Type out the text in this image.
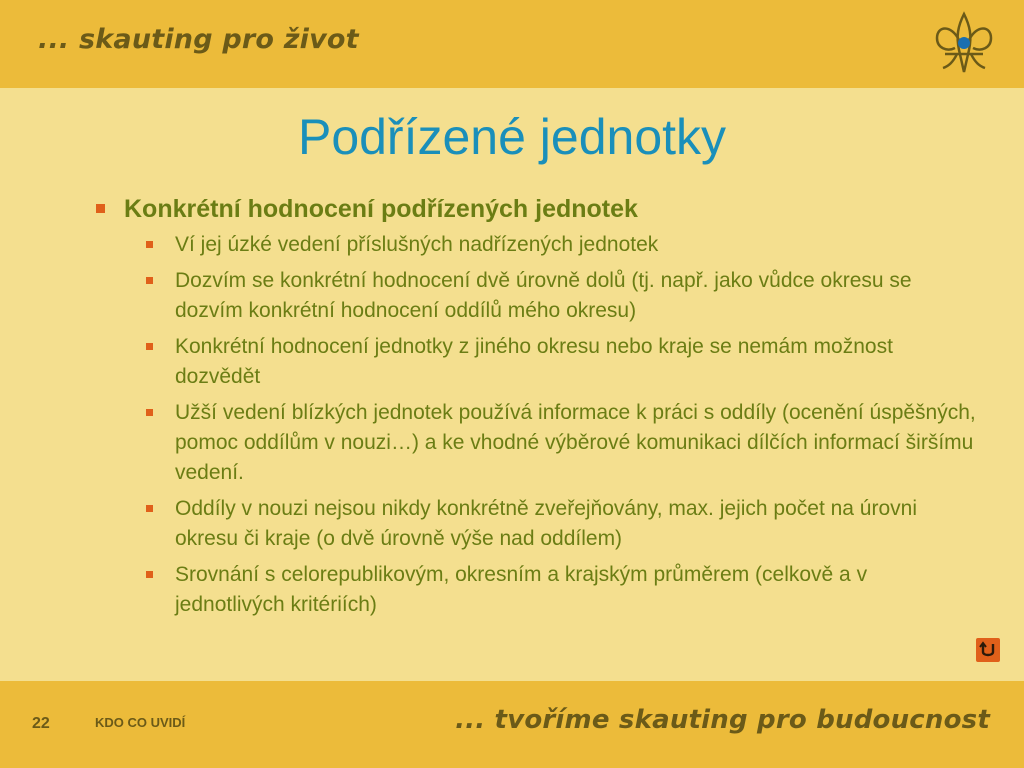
... skauting pro život
Podřízené jednotky
Konkrétní hodnocení podřízených jednotek
Ví jej úzké vedení příslušných nadřízených jednotek
Dozvím se konkrétní hodnocení dvě úrovně dolů (tj. např. jako vůdce okresu se dozvím konkrétní hodnocení oddílů mého okresu)
Konkrétní hodnocení jednotky z jiného okresu nebo kraje se nemám možnost dozvědět
Užší vedení blízkých jednotek používá informace k práci s oddíly (ocenění úspěšných, pomoc oddílům v nouzi…) a ke vhodné výběrové komunikaci dílčích informací širšímu vedení.
Oddíly v nouzi nejsou nikdy konkrétně zveřejňovány, max. jejich počet na úrovni okresu či kraje (o dvě úrovně výše nad oddílem)
Srovnání s celorepublikovým, okresním a krajským průměrem (celkově a v jednotlivých kritériích)
22	KDO CO UVIDÍ	... tvoříme skauting pro budoucnost
